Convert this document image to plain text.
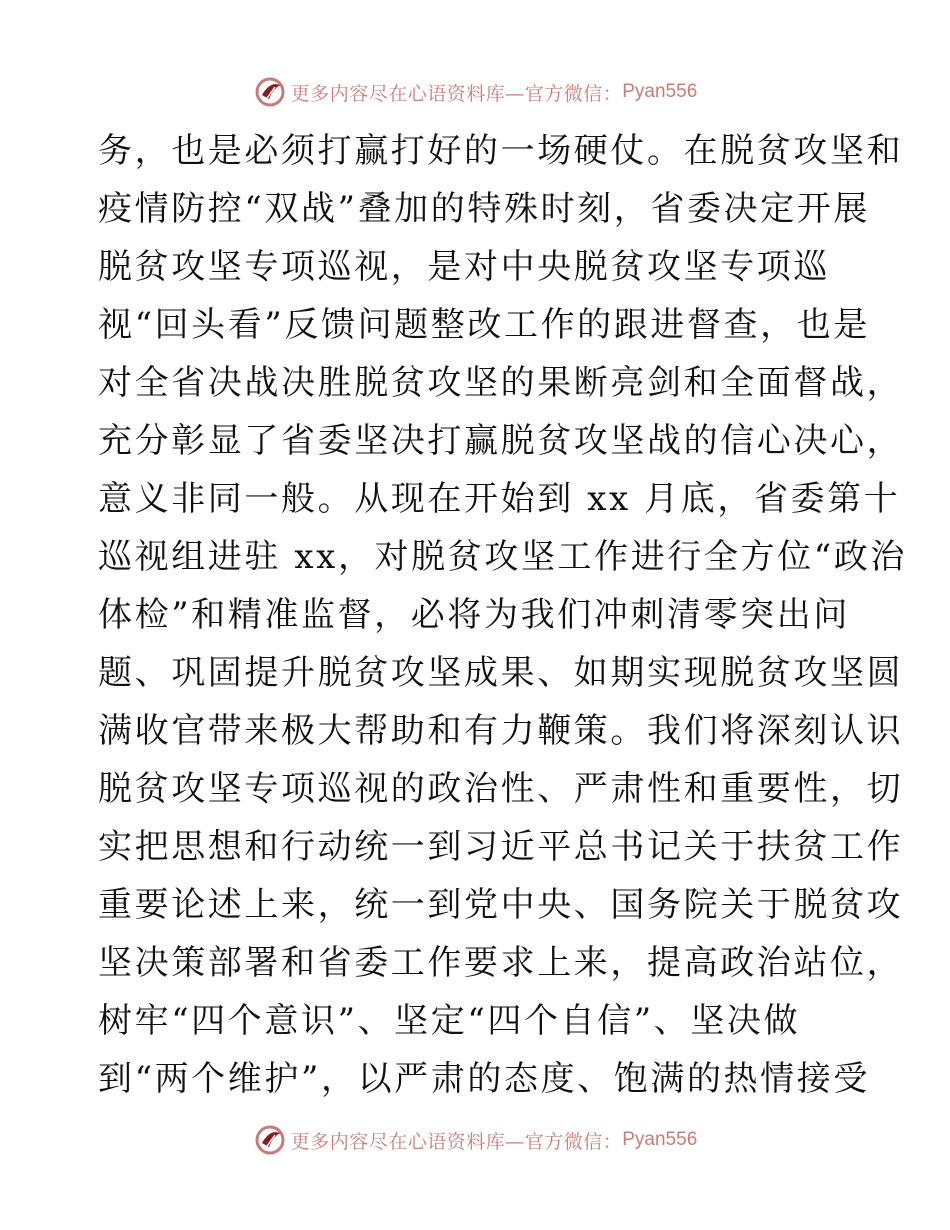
更多内容尽在心语资料库—官方微信： Pyan556
务，也是必须打赢打好的一场硬仗。在脱贫攻坚和
疫情防控“双战”叠加的特殊时刻，省委决定开展
脱贫攻坚专项巡视，是对中央脱贫攻坚专项巡
视“回头看”反馈问题整改工作的跟进督查，也是
对全省决战决胜脱贫攻坚的果断亮剑和全面督战，
充分彰显了省委坚决打赢脱贫攻坚战的信心决心，
意义非同一般。从现在开始到 xx 月底，省委第十
巡视组进驻 xx，对脱贫攻坚工作进行全方位“政治
体检”和精准监督，必将为我们冲刺清零突出问
题、巩固提升脱贫攻坚成果、如期实现脱贫攻坚圆
满收官带来极大帮助和有力鞭策。我们将深刻认识
脱贫攻坚专项巡视的政治性、严肃性和重要性，切
实把思想和行动统一到习近平总书记关于扶贫工作
重要论述上来，统一到党中央、国务院关于脱贫攻
坚决策部署和省委工作要求上来，提高政治站位，
树牢“四个意识”、坚定“四个自信”、坚决做
到“两个维护”，以严肃的态度、饱满的热情接受
更多内容尽在心语资料库—官方微信： Pyan556
